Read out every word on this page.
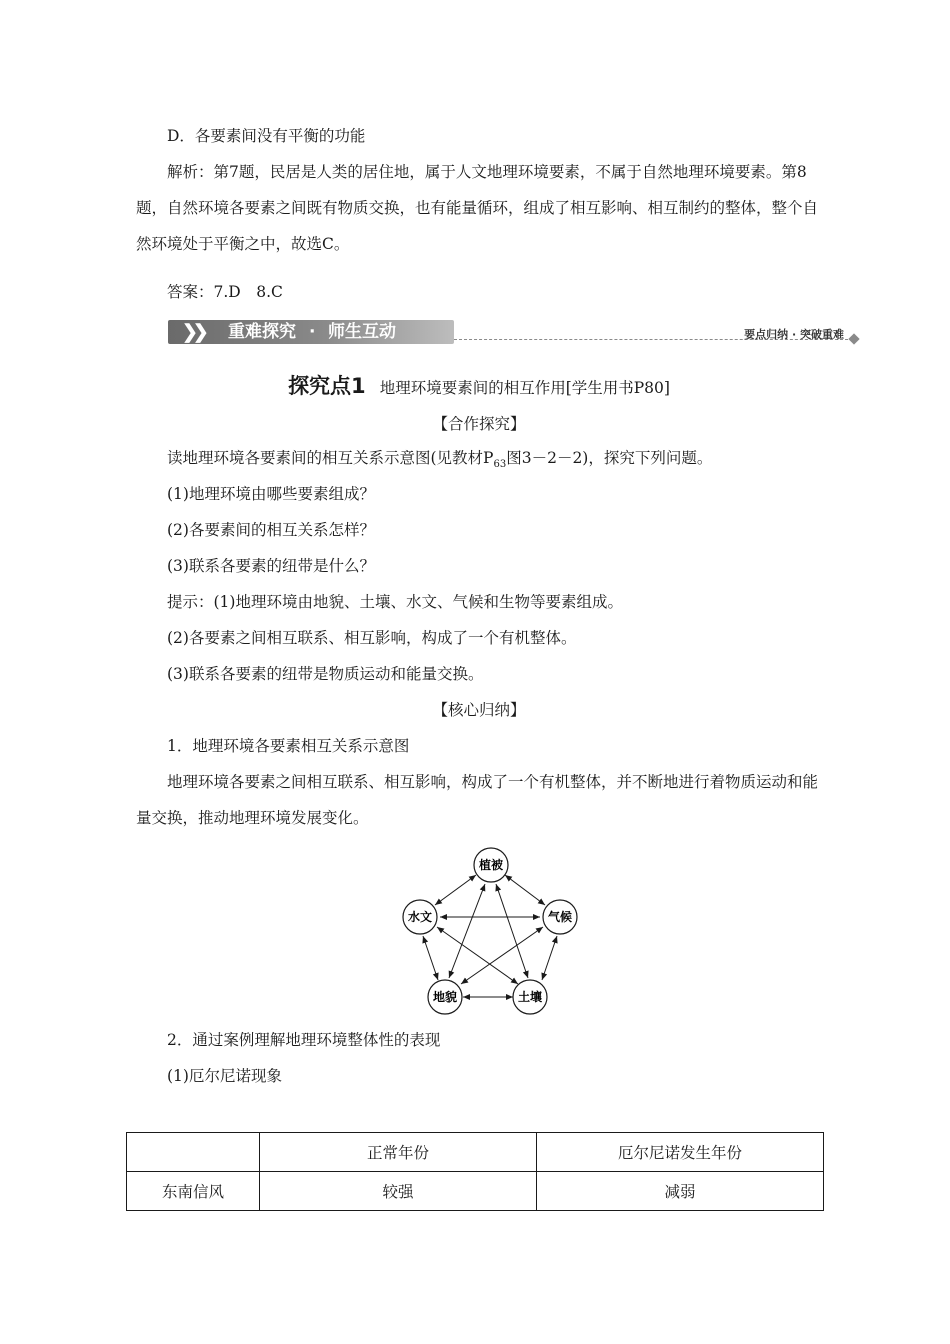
D．各要素间没有平衡的功能

解析：第7题，民居是人类的居住地，属于人文地理环境要素，不属于自然地理环境要素。第8题，自然环境各要素之间既有物质交换，也有能量循环，组成了相互影响、相互制约的整体，整个自然环境处于平衡之中，故选C。

答案：7.D　8.C

❯❯ 重难探究 · 师生互动	要点归纳 · 突破重难
探究点1 地理环境要素间的相互作用[学生用书P80]

【合作探究】

读地理环境各要素间的相互关系示意图(见教材$P_{63}$图3－2－2)，探究下列问题。

(1)地理环境由哪些要素组成？

(2)各要素间的相互关系怎样？

(3)联系各要素的纽带是什么？

提示：(1)地理环境由地貌、土壤、水文、气候和生物等要素组成。

(2)各要素之间相互联系、相互影响，构成了一个有机整体。

(3)联系各要素的纽带是物质运动和能量交换。

【核心归纳】

1．地理环境各要素相互关系示意图

地理环境各要素之间相互联系、相互影响，构成了一个有机整体，并不断地进行着物质运动和能量交换，推动地理环境发展变化。

植被
水文	气候
地貌	土壤

2．通过案例理解地理环境整体性的表现

(1)厄尔尼诺现象

	正常年份	厄尔尼诺发生年份
东南信风	较强	减弱
